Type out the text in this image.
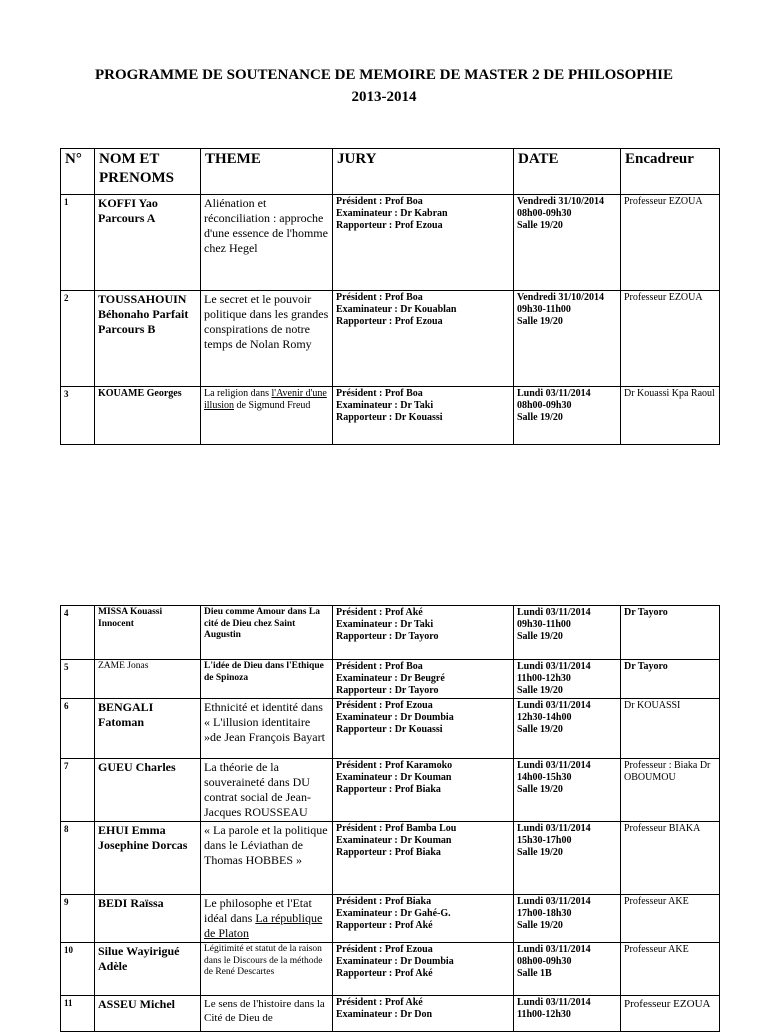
PROGRAMME DE SOUTENANCE DE MEMOIRE DE MASTER 2 DE PHILOSOPHIE
2013-2014
N°	NOM ET PRENOMS	THEME	JURY	DATE	Encadreur
1	KOFFI Yao Parcours A	Aliénation et réconciliation : approche d'une essence de l'homme chez Hegel	Président : Prof Boa
Examinateur : Dr Kabran
Rapporteur : Prof Ezoua	Vendredi 31/10/2014
08h00-09h30
Salle 19/20	Professeur EZOUA
2	TOUSSAHOUIN Béhonaho Parfait Parcours B	Le secret et le pouvoir politique dans les grandes conspirations de notre temps de Nolan Romy	Président : Prof Boa
Examinateur : Dr Kouablan
Rapporteur : Prof Ezoua	Vendredi 31/10/2014
09h30-11h00
Salle 19/20	Professeur EZOUA
3	KOUAME Georges	La religion dans l'Avenir d'une illusion de Sigmund Freud	Président : Prof Boa
Examinateur : Dr Taki
Rapporteur : Dr Kouassi	Lundi 03/11/2014
08h00-09h30
Salle 19/20	Dr Kouassi Kpa Raoul
4	MISSA Kouassi Innocent	Dieu comme Amour dans La cité de Dieu chez Saint Augustin	Président : Prof Aké
Examinateur : Dr Taki
Rapporteur : Dr Tayoro	Lundi 03/11/2014
09h30-11h00
Salle 19/20	Dr Tayoro
5	ZAME Jonas	L'idée de Dieu dans l'Ethique de Spinoza	Président : Prof Boa
Examinateur : Dr Beugré
Rapporteur : Dr Tayoro	Lundi 03/11/2014
11h00-12h30
Salle 19/20	Dr Tayoro
6	BENGALI Fatoman	Ethnicité et identité dans « L'illusion identitaire »de Jean François Bayart	Président : Prof Ezoua
Examinateur : Dr Doumbia
Rapporteur : Dr Kouassi	Lundi 03/11/2014
12h30-14h00
Salle 19/20	Dr KOUASSI
7	GUEU Charles	La théorie de la souveraineté dans DU contrat social de Jean-Jacques ROUSSEAU	Président : Prof Karamoko
Examinateur : Dr Kouman
Rapporteur : Prof Biaka	Lundi 03/11/2014
14h00-15h30
Salle 19/20	Professeur : Biaka Dr OBOUMOU
8	EHUI Emma Josephine Dorcas	« La parole et la politique dans le Léviathan de Thomas HOBBES »	Président : Prof Bamba Lou
Examinateur : Dr Kouman
Rapporteur : Prof Biaka	Lundi 03/11/2014
15h30-17h00
Salle 19/20	Professeur BIAKA
9	BEDI Raïssa	Le philosophe et l'Etat idéal dans La république de Platon	Président : Prof Biaka
Examinateur : Dr Gahé-G.
Rapporteur : Prof Aké	Lundi 03/11/2014
17h00-18h30
Salle 19/20	Professeur AKE
10	Silue Wayirigué Adèle	Légitimité et statut de la raison dans le Discours de la méthode de René Descartes	Président : Prof Ezoua
Examinateur : Dr Doumbia
Rapporteur : Prof Aké	Lundi 03/11/2014
08h00-09h30
Salle 1B	Professeur AKE
11	ASSEU Michel	Le sens de l'histoire dans la Cité de Dieu de	Président : Prof Aké
Examinateur : Dr Don	Lundi 03/11/2014
11h00-12h30	Professeur EZOUA
